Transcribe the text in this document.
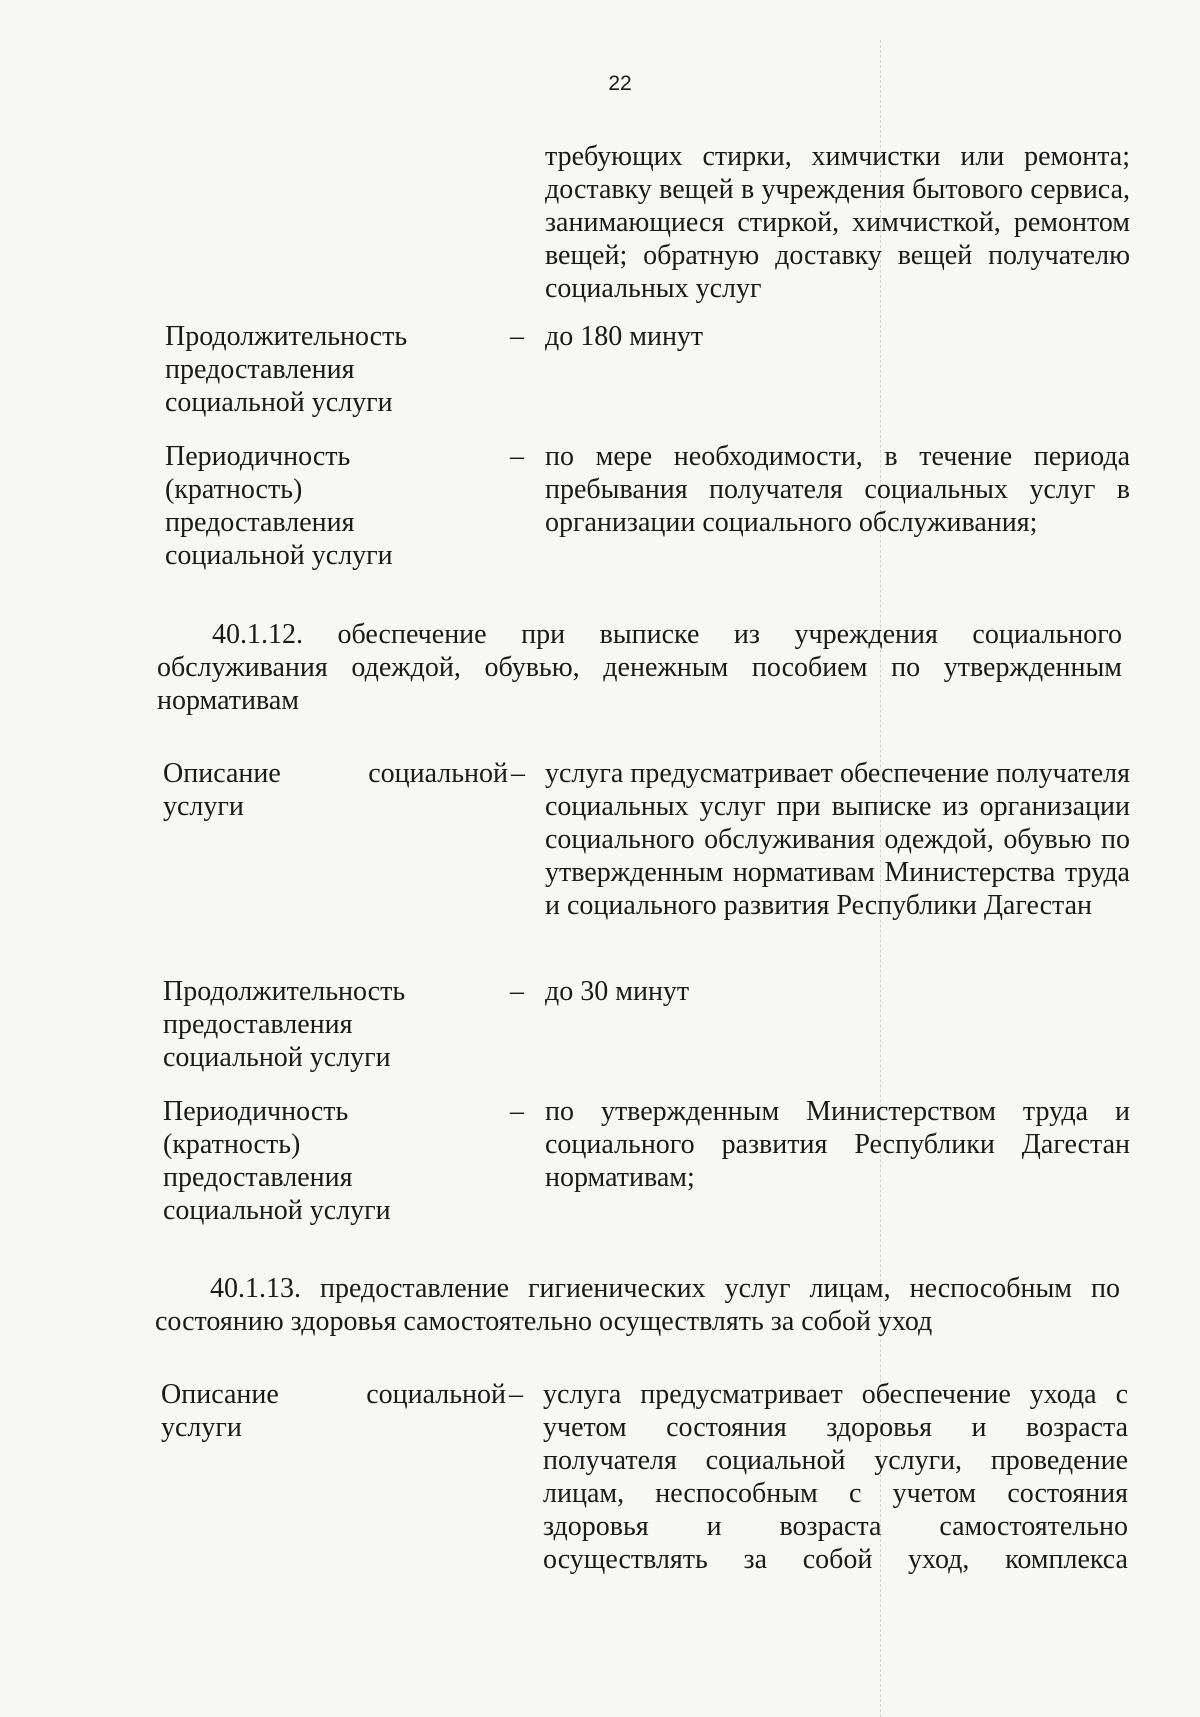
22

требующих стирки, химчистки или ремонта; доставку вещей в учреждения бытового сервиса, занимающиеся стиркой, химчисткой, ремонтом вещей; обратную доставку вещей получателю социальных услуг

Продолжительность предоставления социальной услуги
– до 180 минут
Периодичность (кратность) предоставления социальной услуги
– по мере необходимости, в течение периода пребывания получателя социальных услуг в организации социального обслуживания;

40.1.12. обеспечение при выписке из учреждения социального обслуживания одеждой, обувью, денежным пособием по утвержденным нормативам

Описание	социальной
услуги
– услуга предусматривает обеспечение получателя социальных услуг при выписке из организации социального обслуживания одеждой, обувью по утвержденным нормативам Министерства труда и социального развития Республики Дагестан
Продолжительность предоставления социальной услуги
– до 30 минут
Периодичность (кратность) предоставления социальной услуги
– по утвержденным Министерством труда и социального развития Республики Дагестан нормативам;

40.1.13. предоставление гигиенических услуг лицам, неспособным по состоянию здоровья самостоятельно осуществлять за собой уход

Описание	социальной
услуги
– услуга предусматривает обеспечение ухода с учетом состояния здоровья и возраста получателя социальной услуги, проведение лицам, неспособным с учетом состояния здоровья и возраста самостоятельно осуществлять за собой уход, комплекса
